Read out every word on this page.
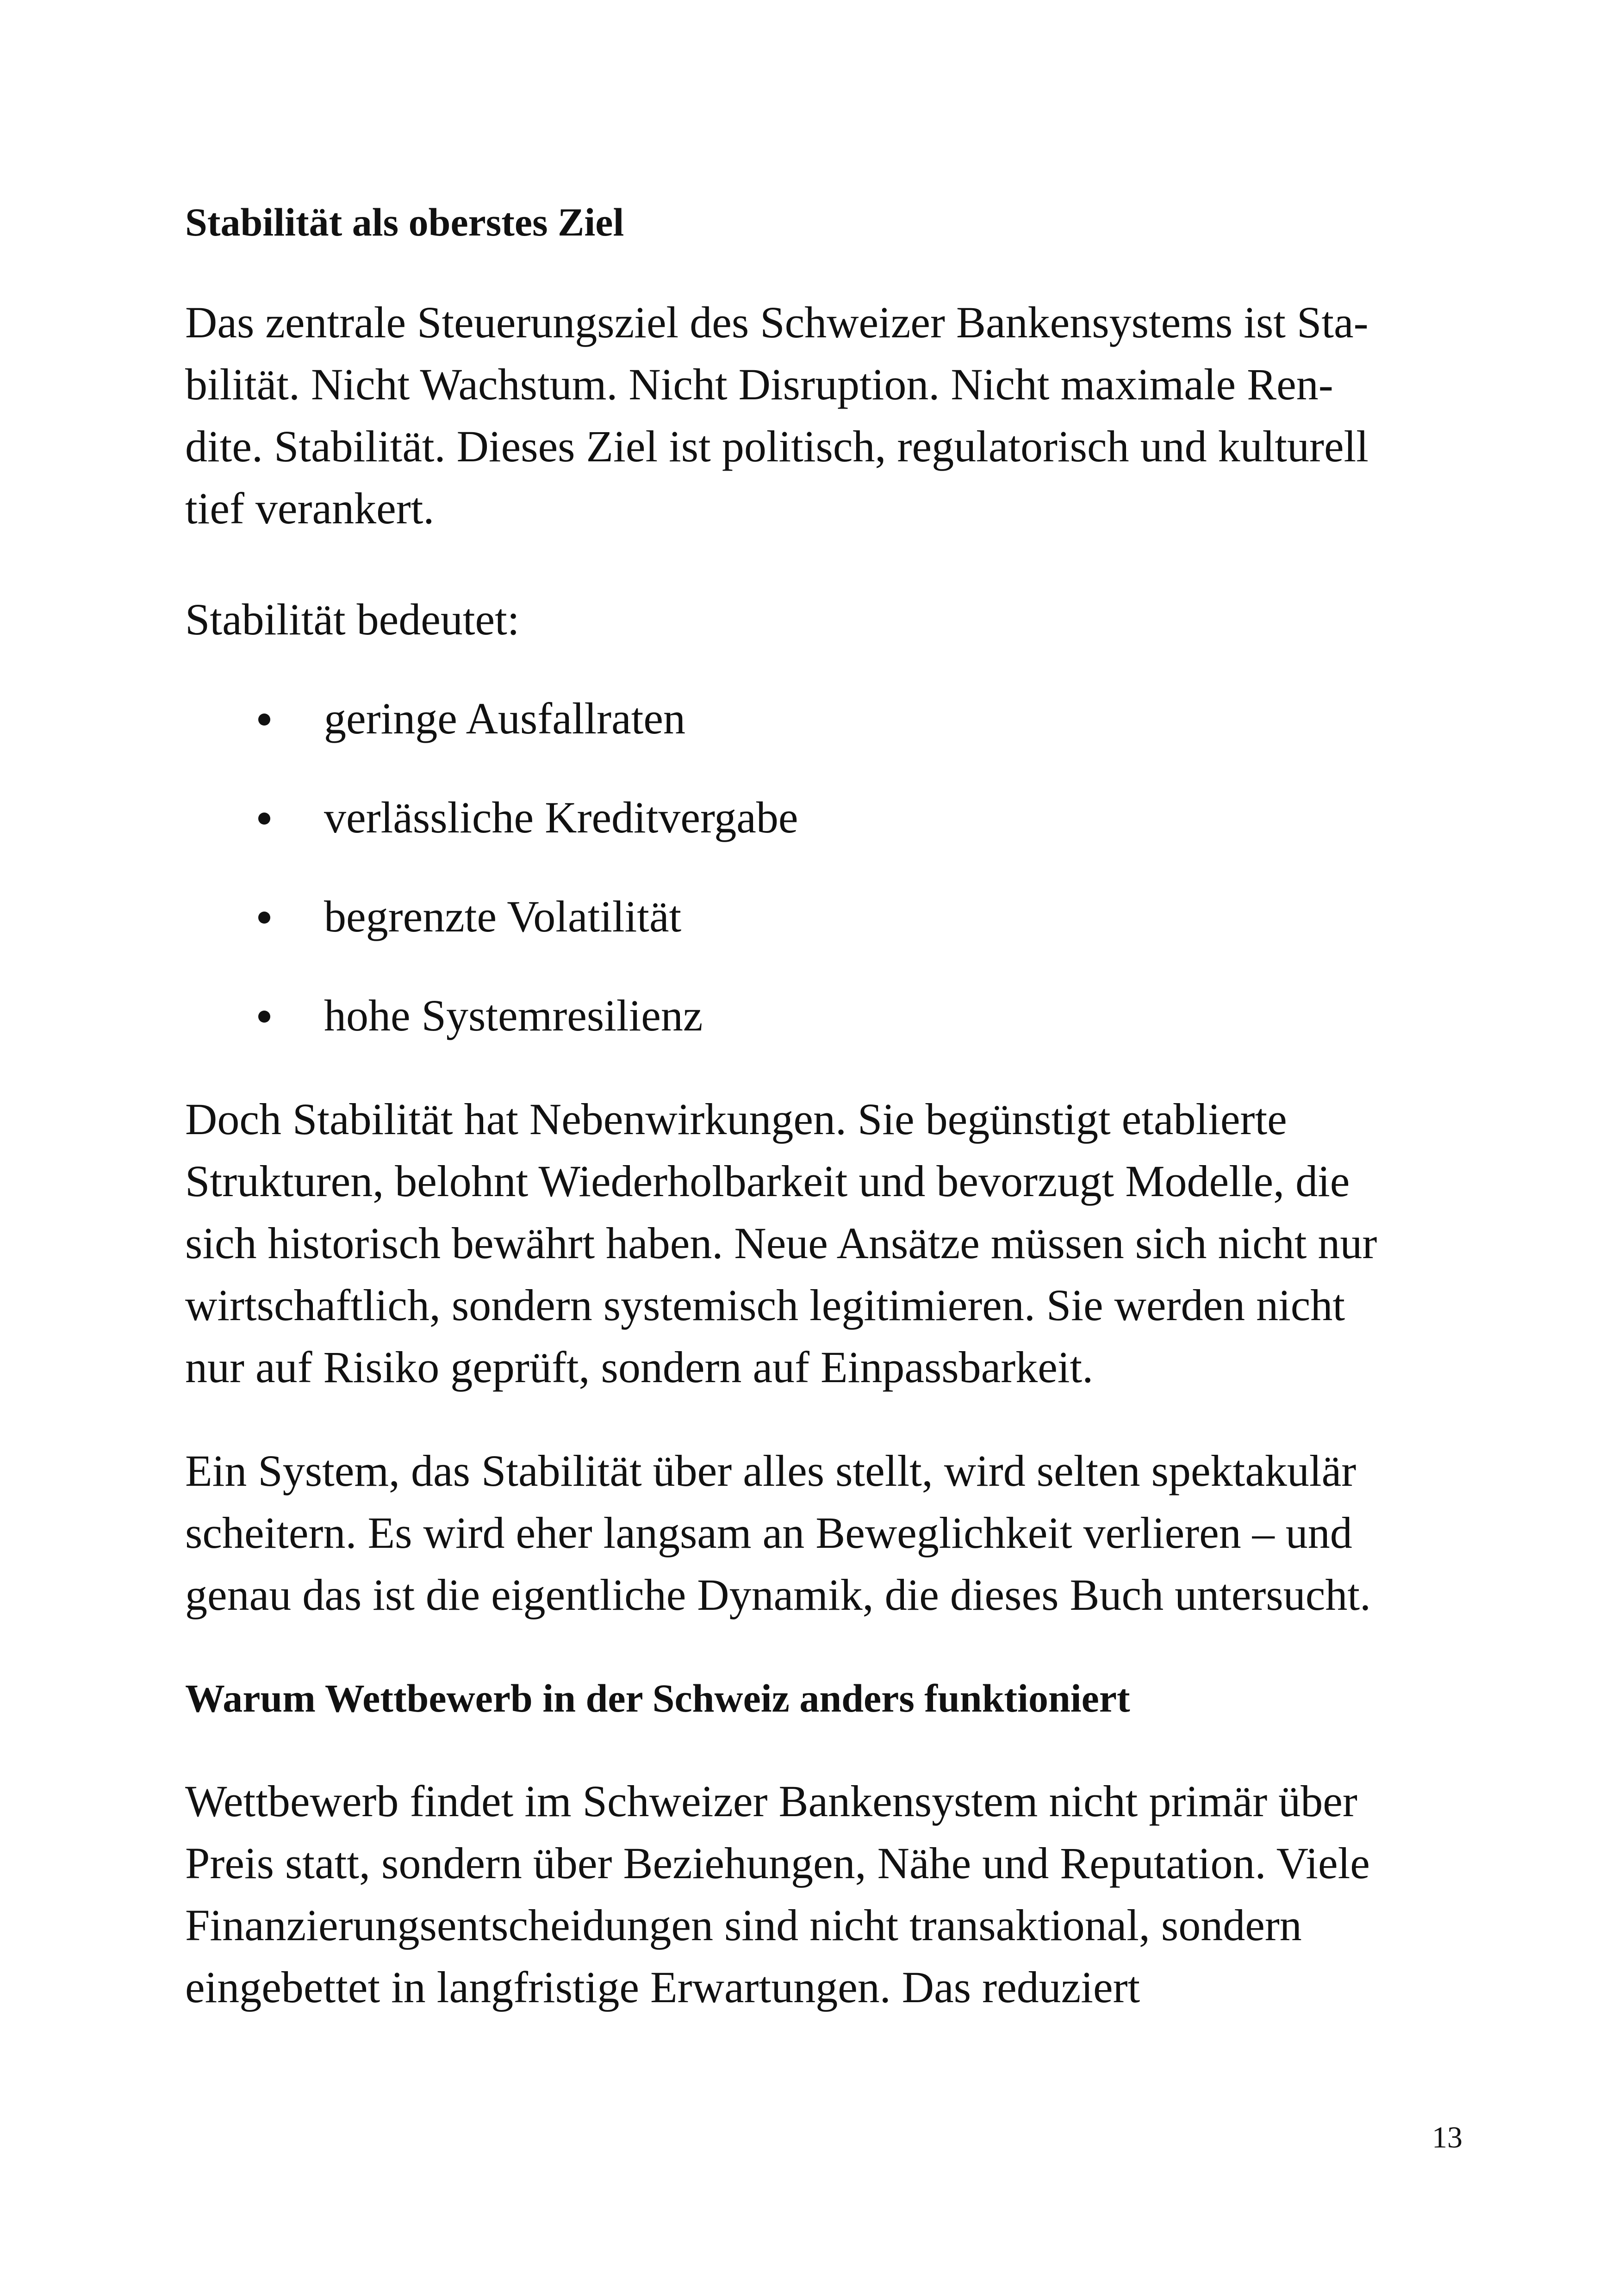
Stabilität als oberstes Ziel

Das zentrale Steuerungsziel des Schweizer Bankensystems ist Sta-
bilität. Nicht Wachstum. Nicht Disruption. Nicht maximale Ren-
dite. Stabilität. Dieses Ziel ist politisch, regulatorisch und kulturell
tief verankert.

Stabilität bedeutet:

geringe Ausfallraten
verlässliche Kreditvergabe
begrenzte Volatilität
hohe Systemresilienz

Doch Stabilität hat Nebenwirkungen. Sie begünstigt etablierte
Strukturen, belohnt Wiederholbarkeit und bevorzugt Modelle, die
sich historisch bewährt haben. Neue Ansätze müssen sich nicht nur
wirtschaftlich, sondern systemisch legitimieren. Sie werden nicht
nur auf Risiko geprüft, sondern auf Einpassbarkeit.

Ein System, das Stabilität über alles stellt, wird selten spektakulär
scheitern. Es wird eher langsam an Beweglichkeit verlieren – und
genau das ist die eigentliche Dynamik, die dieses Buch untersucht.

Warum Wettbewerb in der Schweiz anders funktioniert

Wettbewerb findet im Schweizer Bankensystem nicht primär über
Preis statt, sondern über Beziehungen, Nähe und Reputation. Viele
Finanzierungsentscheidungen sind nicht transaktional, sondern
eingebettet in langfristige Erwartungen. Das reduziert

13
